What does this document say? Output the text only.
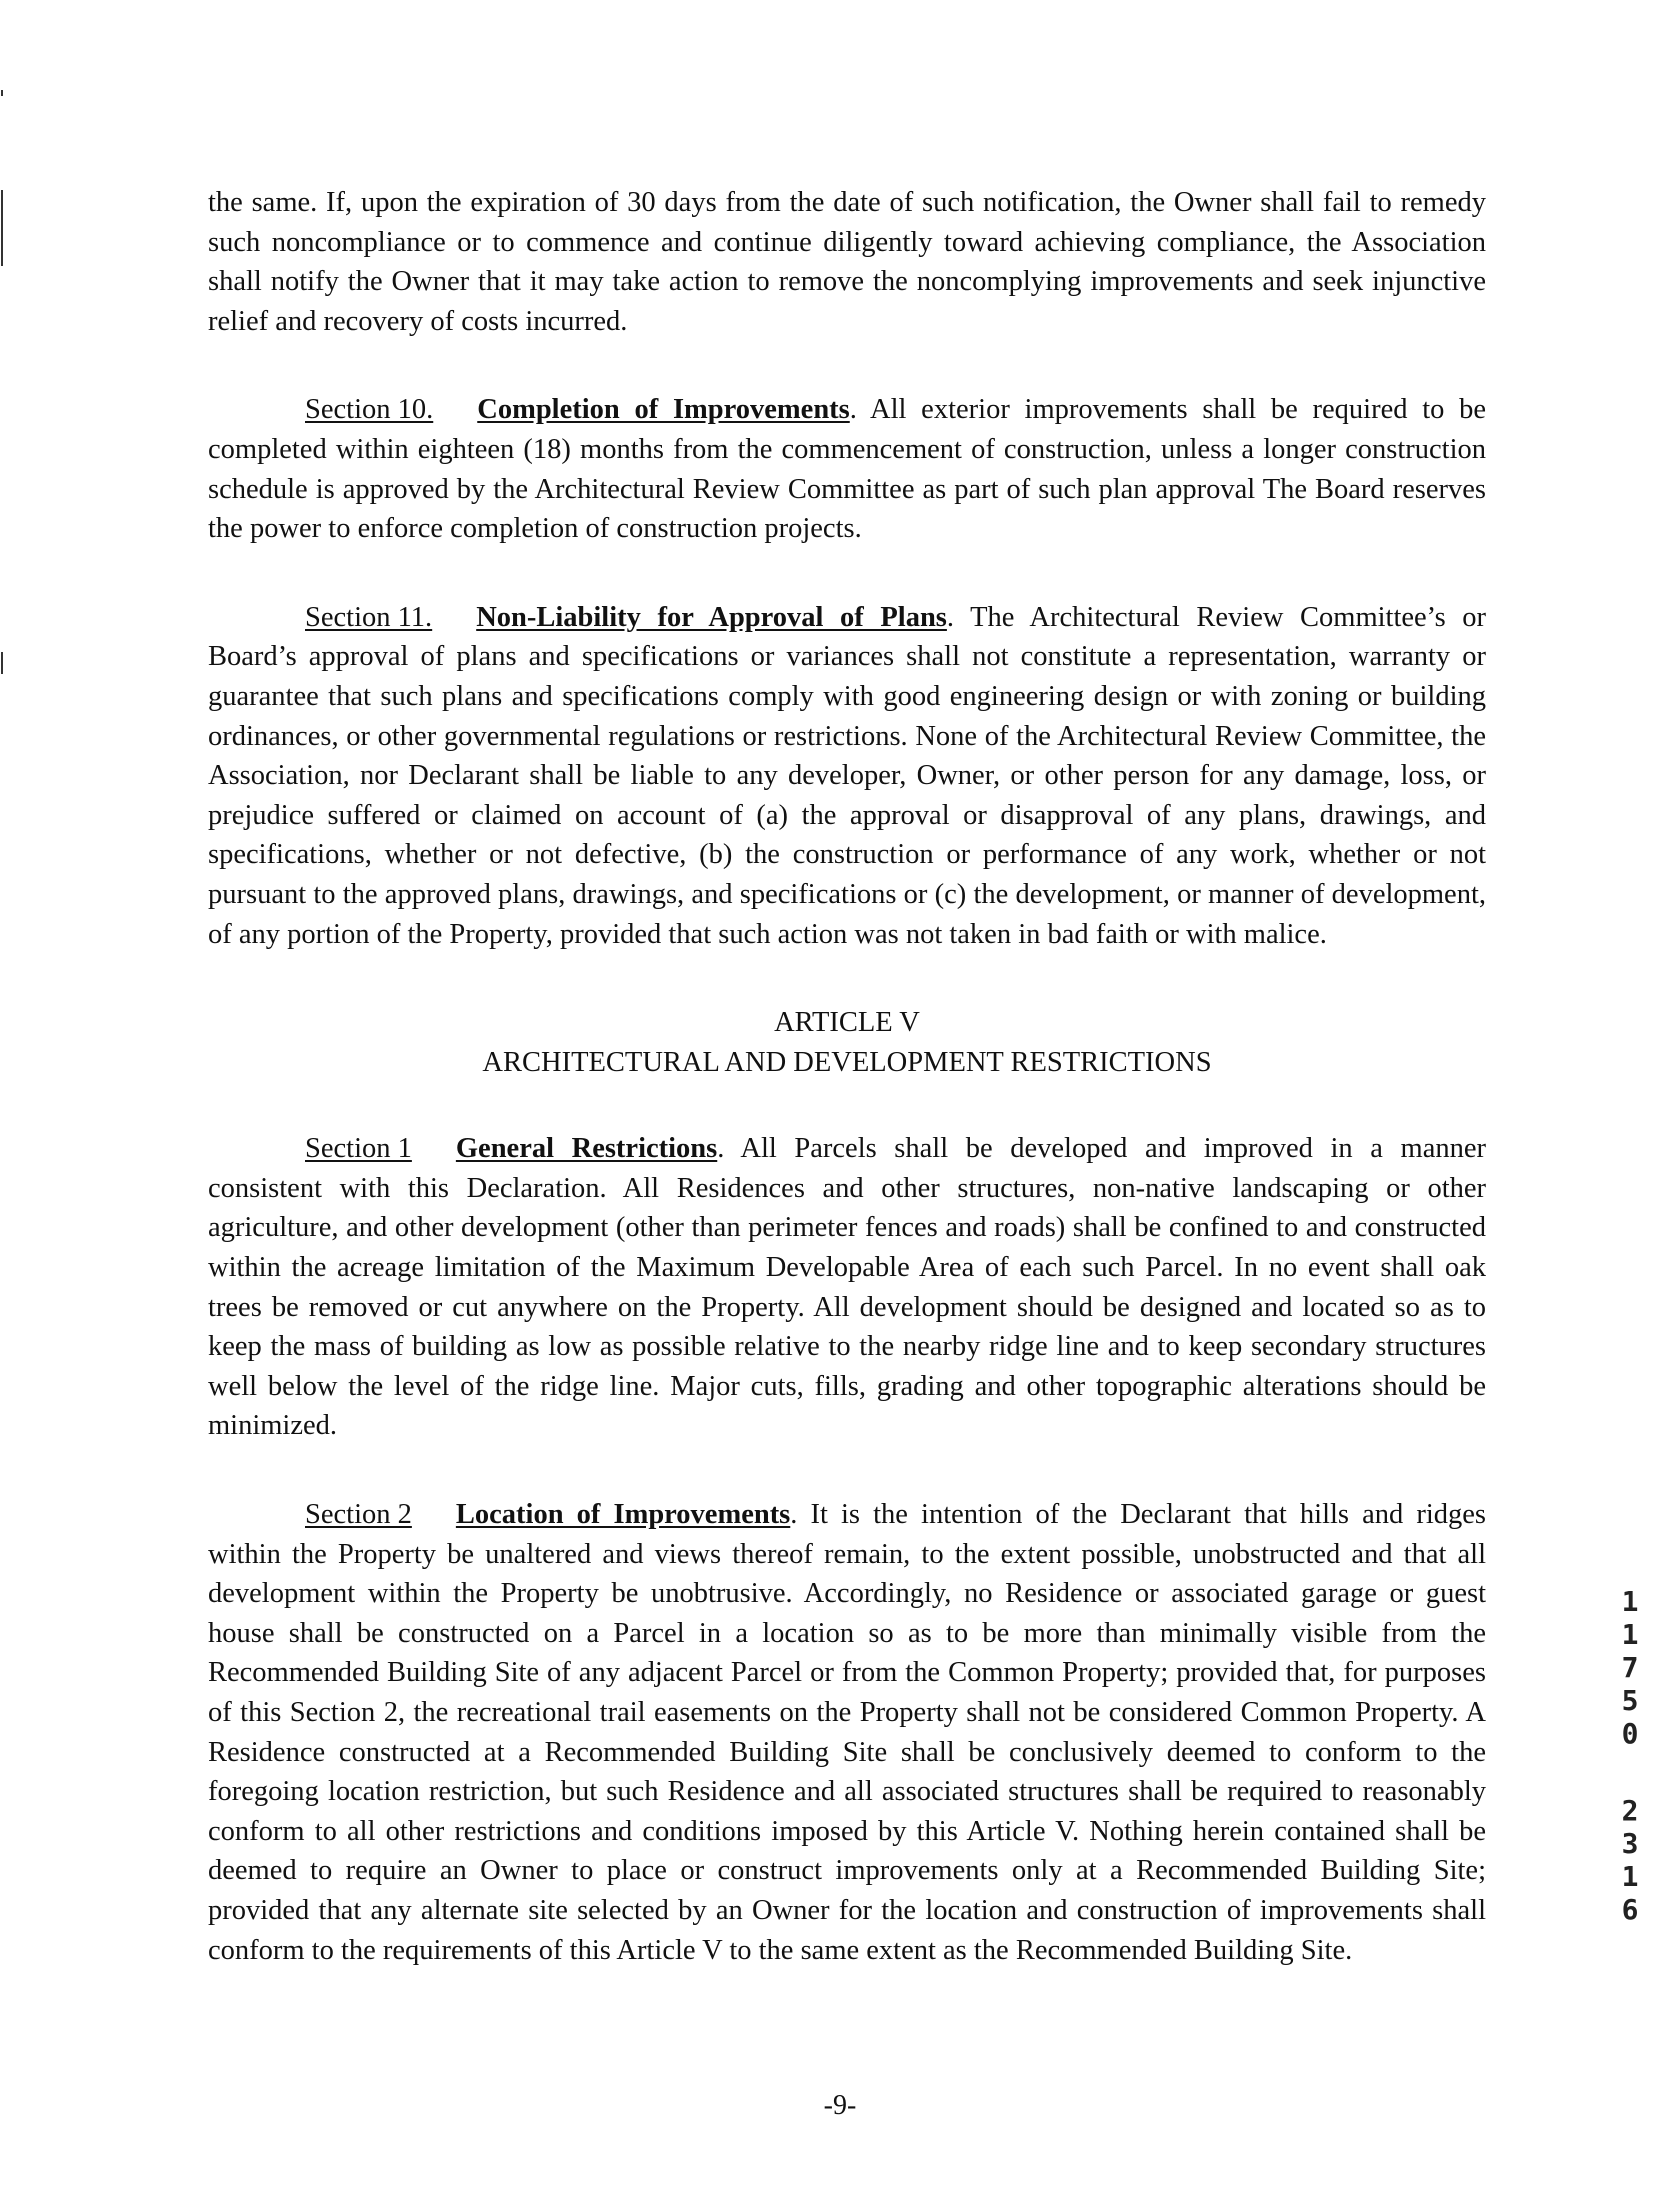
the same. If, upon the expiration of 30 days from the date of such notification, the Owner shall fail to remedy such noncompliance or to commence and continue diligently toward achieving compliance, the Association shall notify the Owner that it may take action to remove the noncomplying improvements and seek injunctive relief and recovery of costs incurred.

Section 10. Completion of Improvements. All exterior improvements shall be required to be completed within eighteen (18) months from the commencement of construction, unless a longer construction schedule is approved by the Architectural Review Committee as part of such plan approval The Board reserves the power to enforce completion of construction projects.

Section 11. Non-Liability for Approval of Plans. The Architectural Review Committee’s or Board’s approval of plans and specifications or variances shall not constitute a representation, warranty or guarantee that such plans and specifications comply with good engineering design or with zoning or building ordinances, or other governmental regulations or restrictions. None of the Architectural Review Committee, the Association, nor Declarant shall be liable to any developer, Owner, or other person for any damage, loss, or prejudice suffered or claimed on account of (a) the approval or disapproval of any plans, drawings, and specifications, whether or not defective, (b) the construction or performance of any work, whether or not pursuant to the approved plans, drawings, and specifications or (c) the development, or manner of development, of any portion of the Property, provided that such action was not taken in bad faith or with malice.

ARTICLE V
ARCHITECTURAL AND DEVELOPMENT RESTRICTIONS

Section 1 General Restrictions. All Parcels shall be developed and improved in a manner consistent with this Declaration. All Residences and other structures, non-native landscaping or other agriculture, and other development (other than perimeter fences and roads) shall be confined to and constructed within the acreage limitation of the Maximum Developable Area of each such Parcel. In no event shall oak trees be removed or cut anywhere on the Property. All development should be designed and located so as to keep the mass of building as low as possible relative to the nearby ridge line and to keep secondary structures well below the level of the ridge line. Major cuts, fills, grading and other topographic alterations should be minimized.

Section 2 Location of Improvements. It is the intention of the Declarant that hills and ridges within the Property be unaltered and views thereof remain, to the extent possible, unobstructed and that all development within the Property be unobtrusive. Accordingly, no Residence or associated garage or guest house shall be constructed on a Parcel in a location so as to be more than minimally visible from the Recommended Building Site of any adjacent Parcel or from the Common Property; provided that, for purposes of this Section 2, the recreational trail easements on the Property shall not be considered Common Property. A Residence constructed at a Recommended Building Site shall be conclusively deemed to conform to the foregoing location restriction, but such Residence and all associated structures shall be required to reasonably conform to all other restrictions and conditions imposed by this Article V. Nothing herein contained shall be deemed to require an Owner to place or construct improvements only at a Recommended Building Site; provided that any alternate site selected by an Owner for the location and construction of improvements shall conform to the requirements of this Article V to the same extent as the Recommended Building Site.

-9-
1
1
7
5
0
2
3
1
6
